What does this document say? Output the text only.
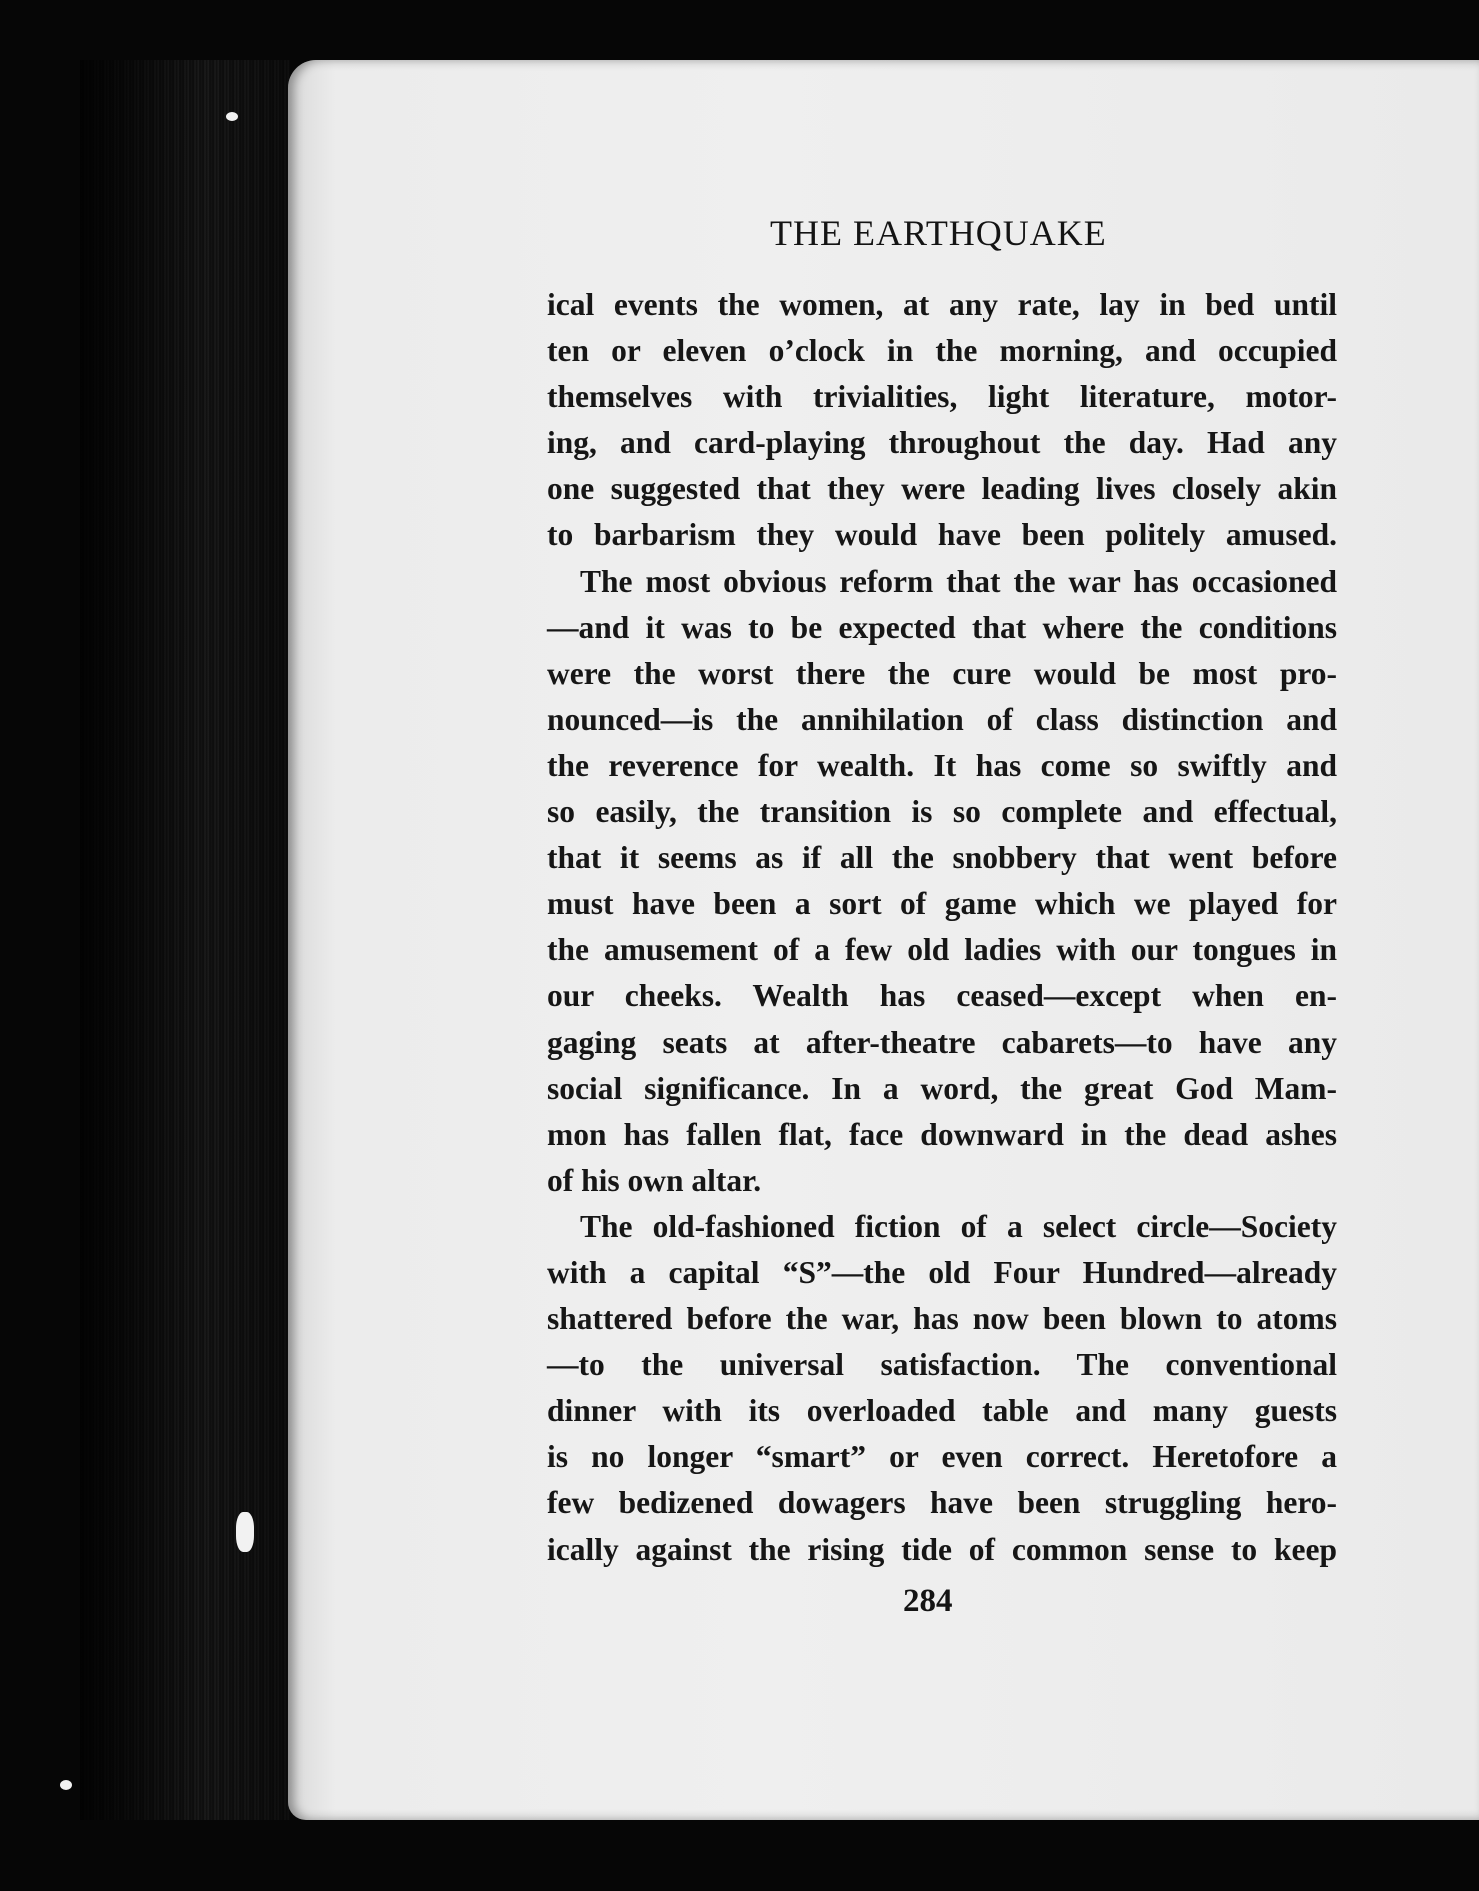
THE EARTHQUAKE
ical events the women, at any rate, lay in bed until
ten or eleven o’clock in the morning, and occupied
themselves with trivialities, light literature, motor-
ing, and card-playing throughout the day. Had any
one suggested that they were leading lives closely akin
to barbarism they would have been politely amused.
The most obvious reform that the war has occasioned
—and it was to be expected that where the conditions
were the worst there the cure would be most pro-
nounced—is the annihilation of class distinction and
the reverence for wealth. It has come so swiftly and
so easily, the transition is so complete and effectual,
that it seems as if all the snobbery that went before
must have been a sort of game which we played for
the amusement of a few old ladies with our tongues in
our cheeks. Wealth has ceased—except when en-
gaging seats at after-theatre cabarets—to have any
social significance. In a word, the great God Mam-
mon has fallen flat, face downward in the dead ashes
of his own altar.
The old-fashioned fiction of a select circle—Society
with a capital “S”—the old Four Hundred—already
shattered before the war, has now been blown to atoms
—to the universal satisfaction. The conventional
dinner with its overloaded table and many guests
is no longer “smart” or even correct. Heretofore a
few bedizened dowagers have been struggling hero-
ically against the rising tide of common sense to keep
284
